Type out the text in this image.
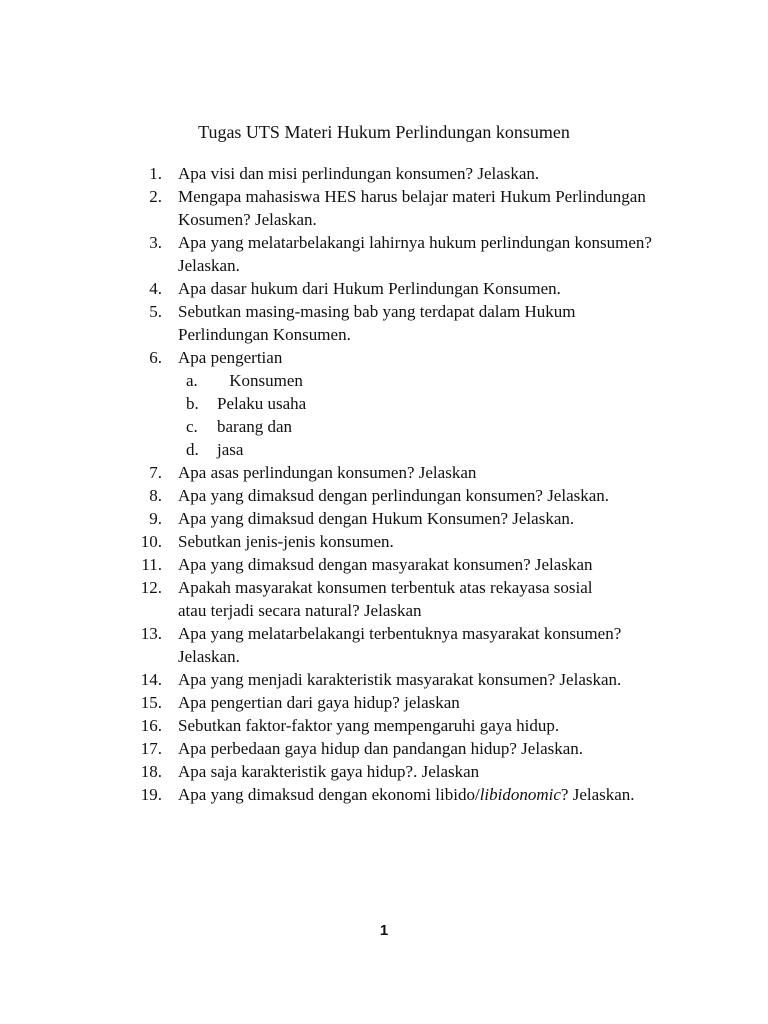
Tugas UTS Materi Hukum Perlindungan konsumen
1. Apa visi dan misi perlindungan konsumen? Jelaskan.
2. Mengapa mahasiswa HES harus belajar materi Hukum Perlindungan Kosumen? Jelaskan.
3. Apa yang melatarbelakangi lahirnya hukum perlindungan konsumen? Jelaskan.
4. Apa dasar hukum dari Hukum Perlindungan Konsumen.
5. Sebutkan masing-masing bab yang terdapat dalam Hukum Perlindungan Konsumen.
6. Apa pengertian
a. Konsumen
b. Pelaku usaha
c. barang dan
d. jasa
7. Apa asas perlindungan konsumen? Jelaskan
8. Apa yang dimaksud dengan perlindungan konsumen? Jelaskan.
9. Apa yang dimaksud dengan Hukum Konsumen? Jelaskan.
10. Sebutkan jenis-jenis konsumen.
11. Apa yang dimaksud dengan masyarakat konsumen? Jelaskan
12. Apakah masyarakat konsumen terbentuk atas rekayasa sosial atau terjadi secara natural? Jelaskan
13. Apa yang melatarbelakangi terbentuknya masyarakat konsumen? Jelaskan.
14. Apa yang menjadi karakteristik masyarakat konsumen? Jelaskan.
15. Apa pengertian dari gaya hidup? jelaskan
16. Sebutkan faktor-faktor yang mempengaruhi gaya hidup.
17. Apa perbedaan gaya hidup dan pandangan hidup? Jelaskan.
18. Apa saja karakteristik gaya hidup?. Jelaskan
19. Apa yang dimaksud dengan ekonomi libido/libidonomic? Jelaskan.
1
